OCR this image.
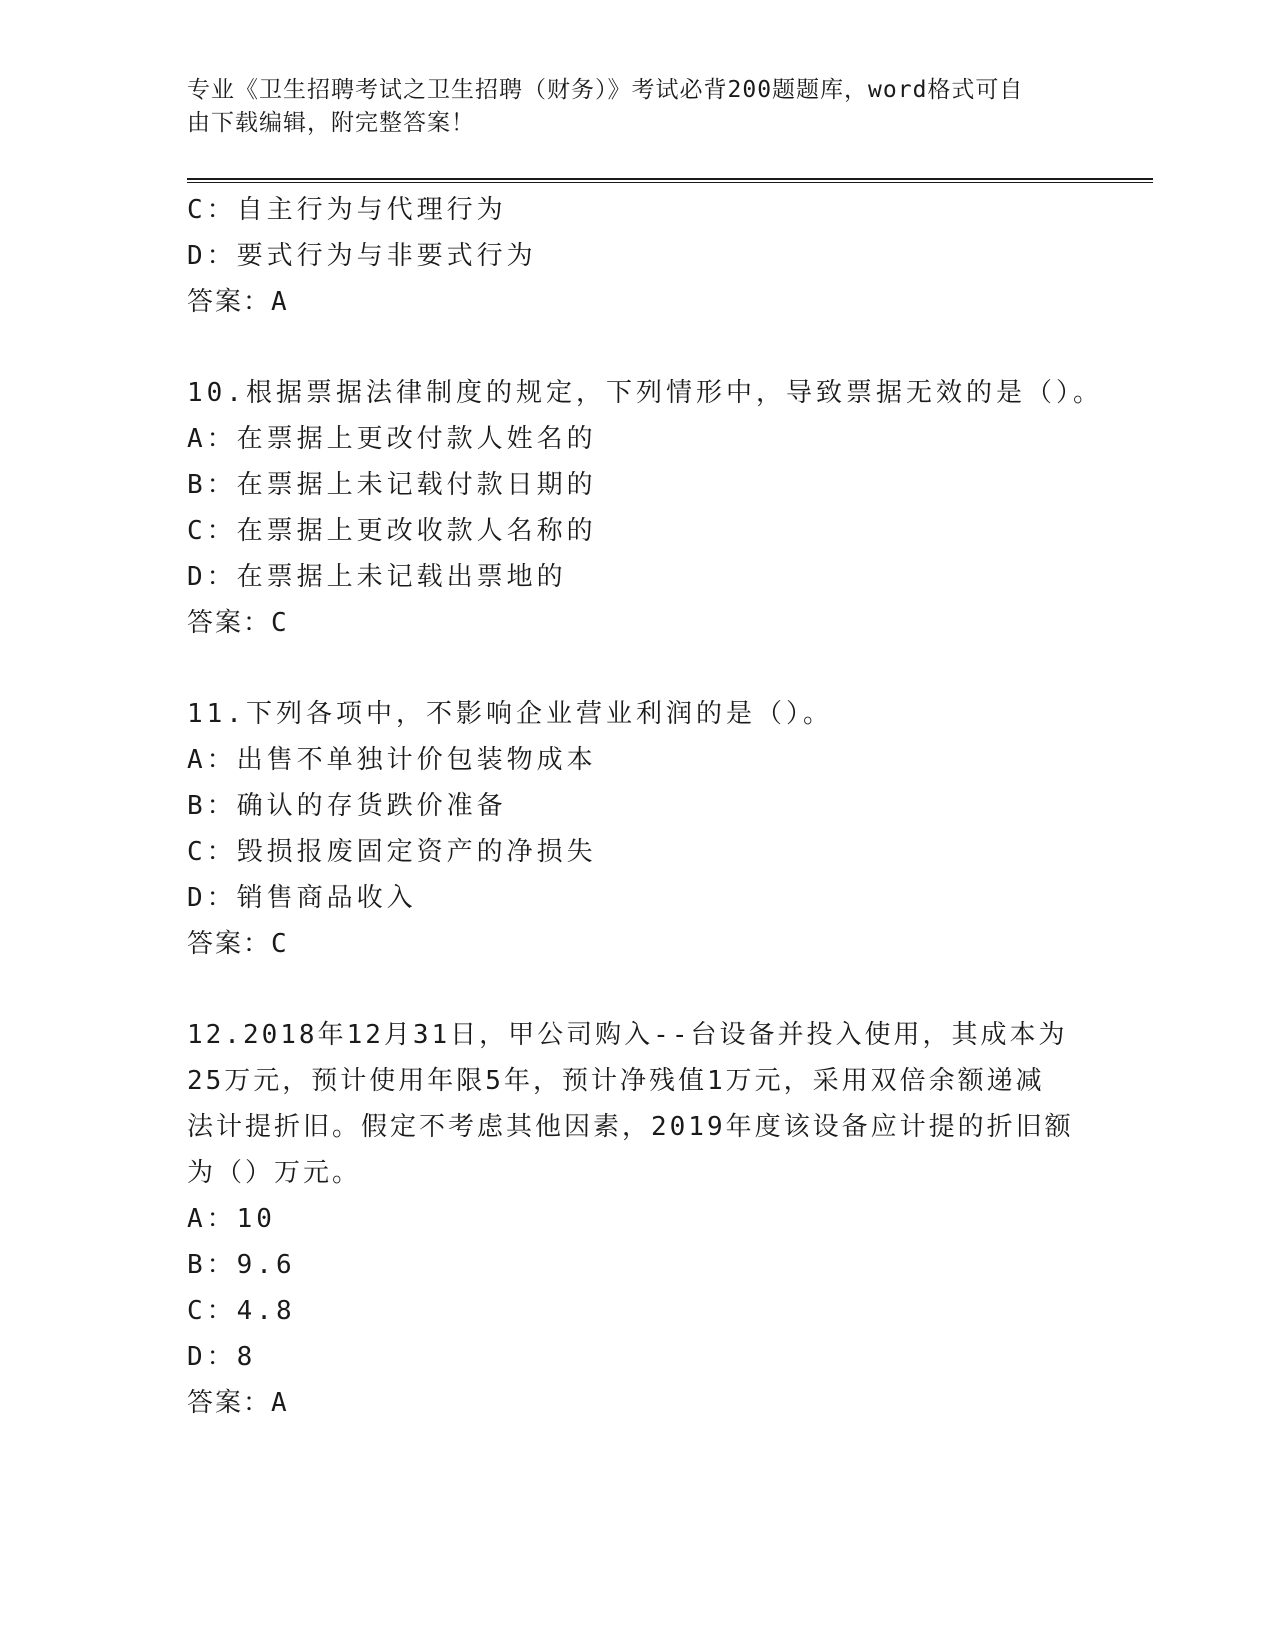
专业《卫生招聘考试之卫生招聘（财务）》考试必背200题题库，word格式可自
由下载编辑，附完整答案！
C：自主行为与代理行为
D：要式行为与非要式行为
答案：A
10.根据票据法律制度的规定，下列情形中，导致票据无效的是（）。
A：在票据上更改付款人姓名的
B：在票据上未记载付款日期的
C：在票据上更改收款人名称的
D：在票据上未记载出票地的
答案：C
11.下列各项中，不影响企业营业利润的是（）。
A：出售不单独计价包装物成本
B：确认的存货跌价准备
C：毁损报废固定资产的净损失
D：销售商品收入
答案：C
12.2018年12月31日，甲公司购入--台设备并投入使用，其成本为
25万元，预计使用年限5年，预计净残值1万元，采用双倍余额递减
法计提折旧。假定不考虑其他因素，2019年度该设备应计提的折旧额
为（）万元。
A：10
B：9.6
C：4.8
D：8
答案：A
